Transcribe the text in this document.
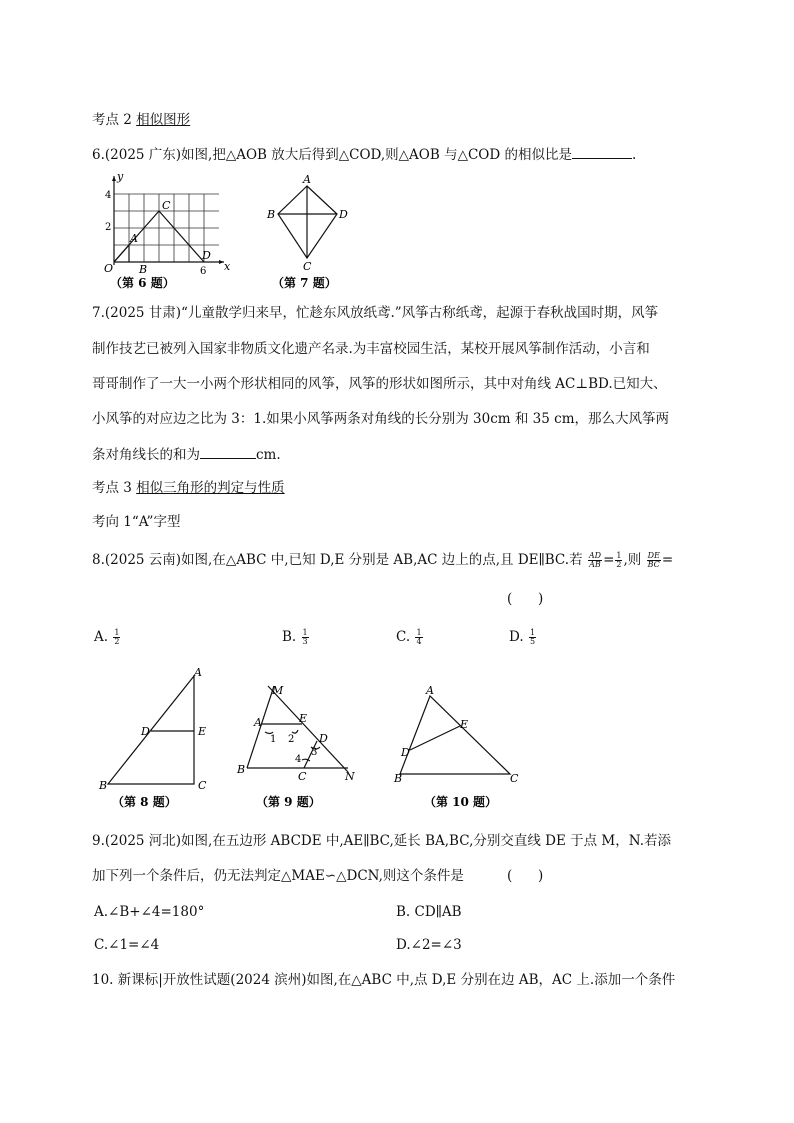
考点 2 相似图形
6.(2025 广东)如图,把△AOB 放大后得到△COD,则△AOB 与△COD 的相似比是	.
y
x
4
2
6
O
A
B
C
D
（第 6 题）
A
B	D
C
（第 7 题）
7.(2025 甘肃)“儿童散学归来早，忙趁东风放纸鸢.”风筝古称纸鸢，起源于春秋战国时期，风筝
制作技艺已被列入国家非物质文化遗产名录.为丰富校园生活，某校开展风筝制作活动，小言和
哥哥制作了一大一小两个形状相同的风筝，风筝的形状如图所示，其中对角线 AC⊥BD.已知大、
小风筝的对应边之比为 3：1.如果小风筝两条对角线的长分别为 30cm 和 35 cm，那么大风筝两
条对角线长的和为	cm.
考点 3 相似三角形的判定与性质
考向 1“A”字型
8.(2025 云南)如图,在△ABC 中,已知 D,E 分别是 AB,AC 边上的点,且 DE∥BC.若 $\frac{AD}{AB} = \frac{1}{2}$ ,则 $\frac{DE}{BC}$ =
(      )
A. $\frac{1}{2}$	B. $\frac{1}{3}$	C. $\frac{1}{4}$	D. $\frac{1}{5}$
A
D	E
B	C
（第 8 题）
M
A	E
D
B
C	N
1 2
3
4
（第 9 题）
A
D
E
B	C
（第 10 题）
9.(2025 河北)如图,在五边形 ABCDE 中,AE∥BC,延长 BA,BC,分别交直线 DE 于点 M，N.若添
加下列一个条件后，仍无法判定△MAE∽△DCN,则这个条件是	(      )
A.∠B+∠4=180°	B. CD∥AB
C.∠1=∠4	D.∠2=∠3
10. 新课标|开放性试题(2024 滨州)如图,在△ABC 中,点 D,E 分别在边 AB，AC 上.添加一个条件
